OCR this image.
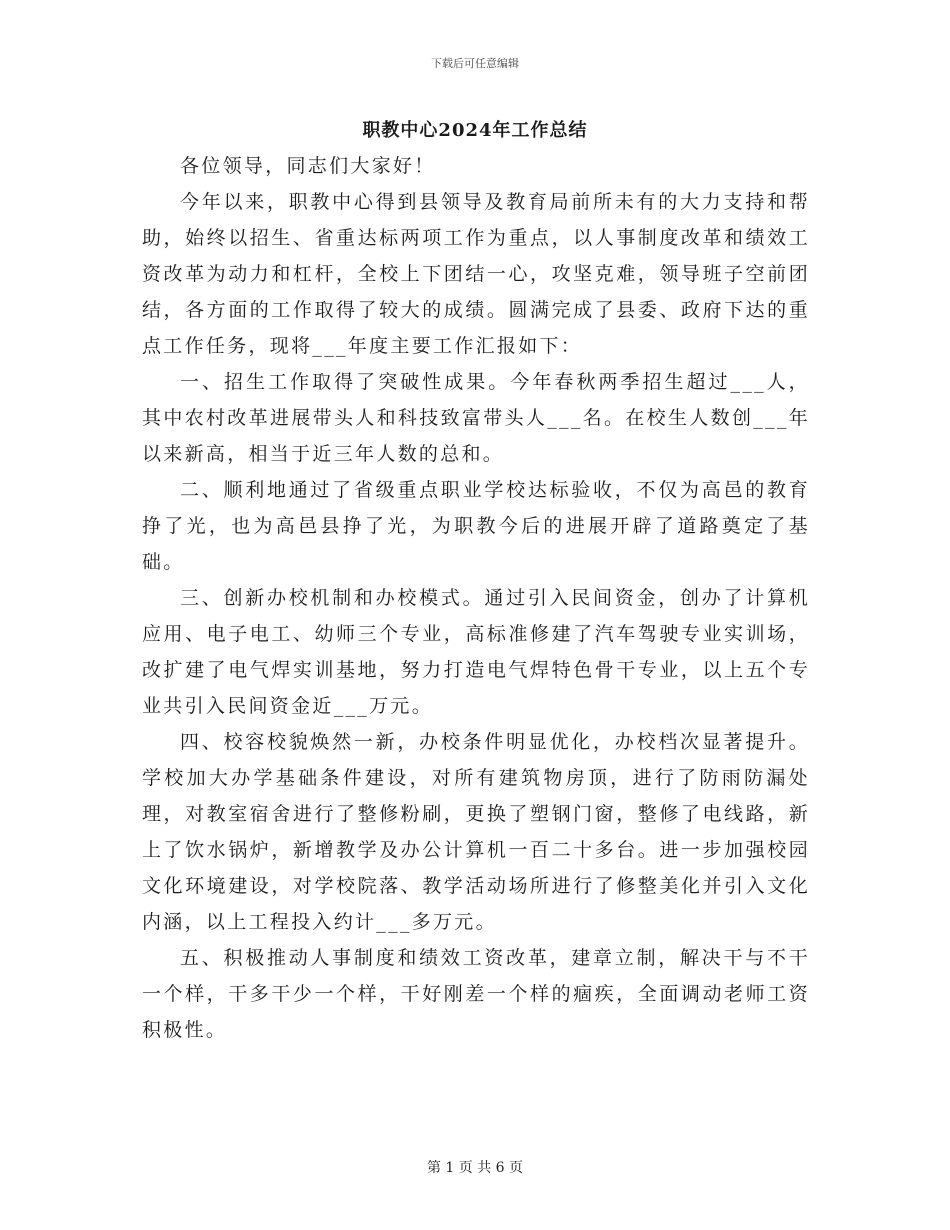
下载后可任意编辑
职教中心2024年工作总结

各位领导，同志们大家好！

今年以来，职教中心得到县领导及教育局前所未有的大力支持和帮助，始终以招生、省重达标两项工作为重点，以人事制度改革和绩效工资改革为动力和杠杆，全校上下团结一心，攻坚克难，领导班子空前团结，各方面的工作取得了较大的成绩。圆满完成了县委、政府下达的重点工作任务，现将___年度主要工作汇报如下：

一、招生工作取得了突破性成果。今年春秋两季招生超过___人，其中农村改革进展带头人和科技致富带头人___名。在校生人数创___年以来新高，相当于近三年人数的总和。

二、顺利地通过了省级重点职业学校达标验收，不仅为高邑的教育挣了光，也为高邑县挣了光，为职教今后的进展开辟了道路奠定了基础。

三、创新办校机制和办校模式。通过引入民间资金，创办了计算机应用、电子电工、幼师三个专业，高标准修建了汽车驾驶专业实训场，改扩建了电气焊实训基地，努力打造电气焊特色骨干专业，以上五个专业共引入民间资金近___万元。

四、校容校貌焕然一新，办校条件明显优化，办校档次显著提升。学校加大办学基础条件建设，对所有建筑物房顶，进行了防雨防漏处理，对教室宿舍进行了整修粉刷，更换了塑钢门窗，整修了电线路，新上了饮水锅炉，新增教学及办公计算机一百二十多台。进一步加强校园文化环境建设，对学校院落、教学活动场所进行了修整美化并引入文化内涵，以上工程投入约计___多万元。

五、积极推动人事制度和绩效工资改革，建章立制，解决干与不干一个样，干多干少一个样，干好刚差一个样的痼疾，全面调动老师工资积极性。

第 1 页 共 6 页
